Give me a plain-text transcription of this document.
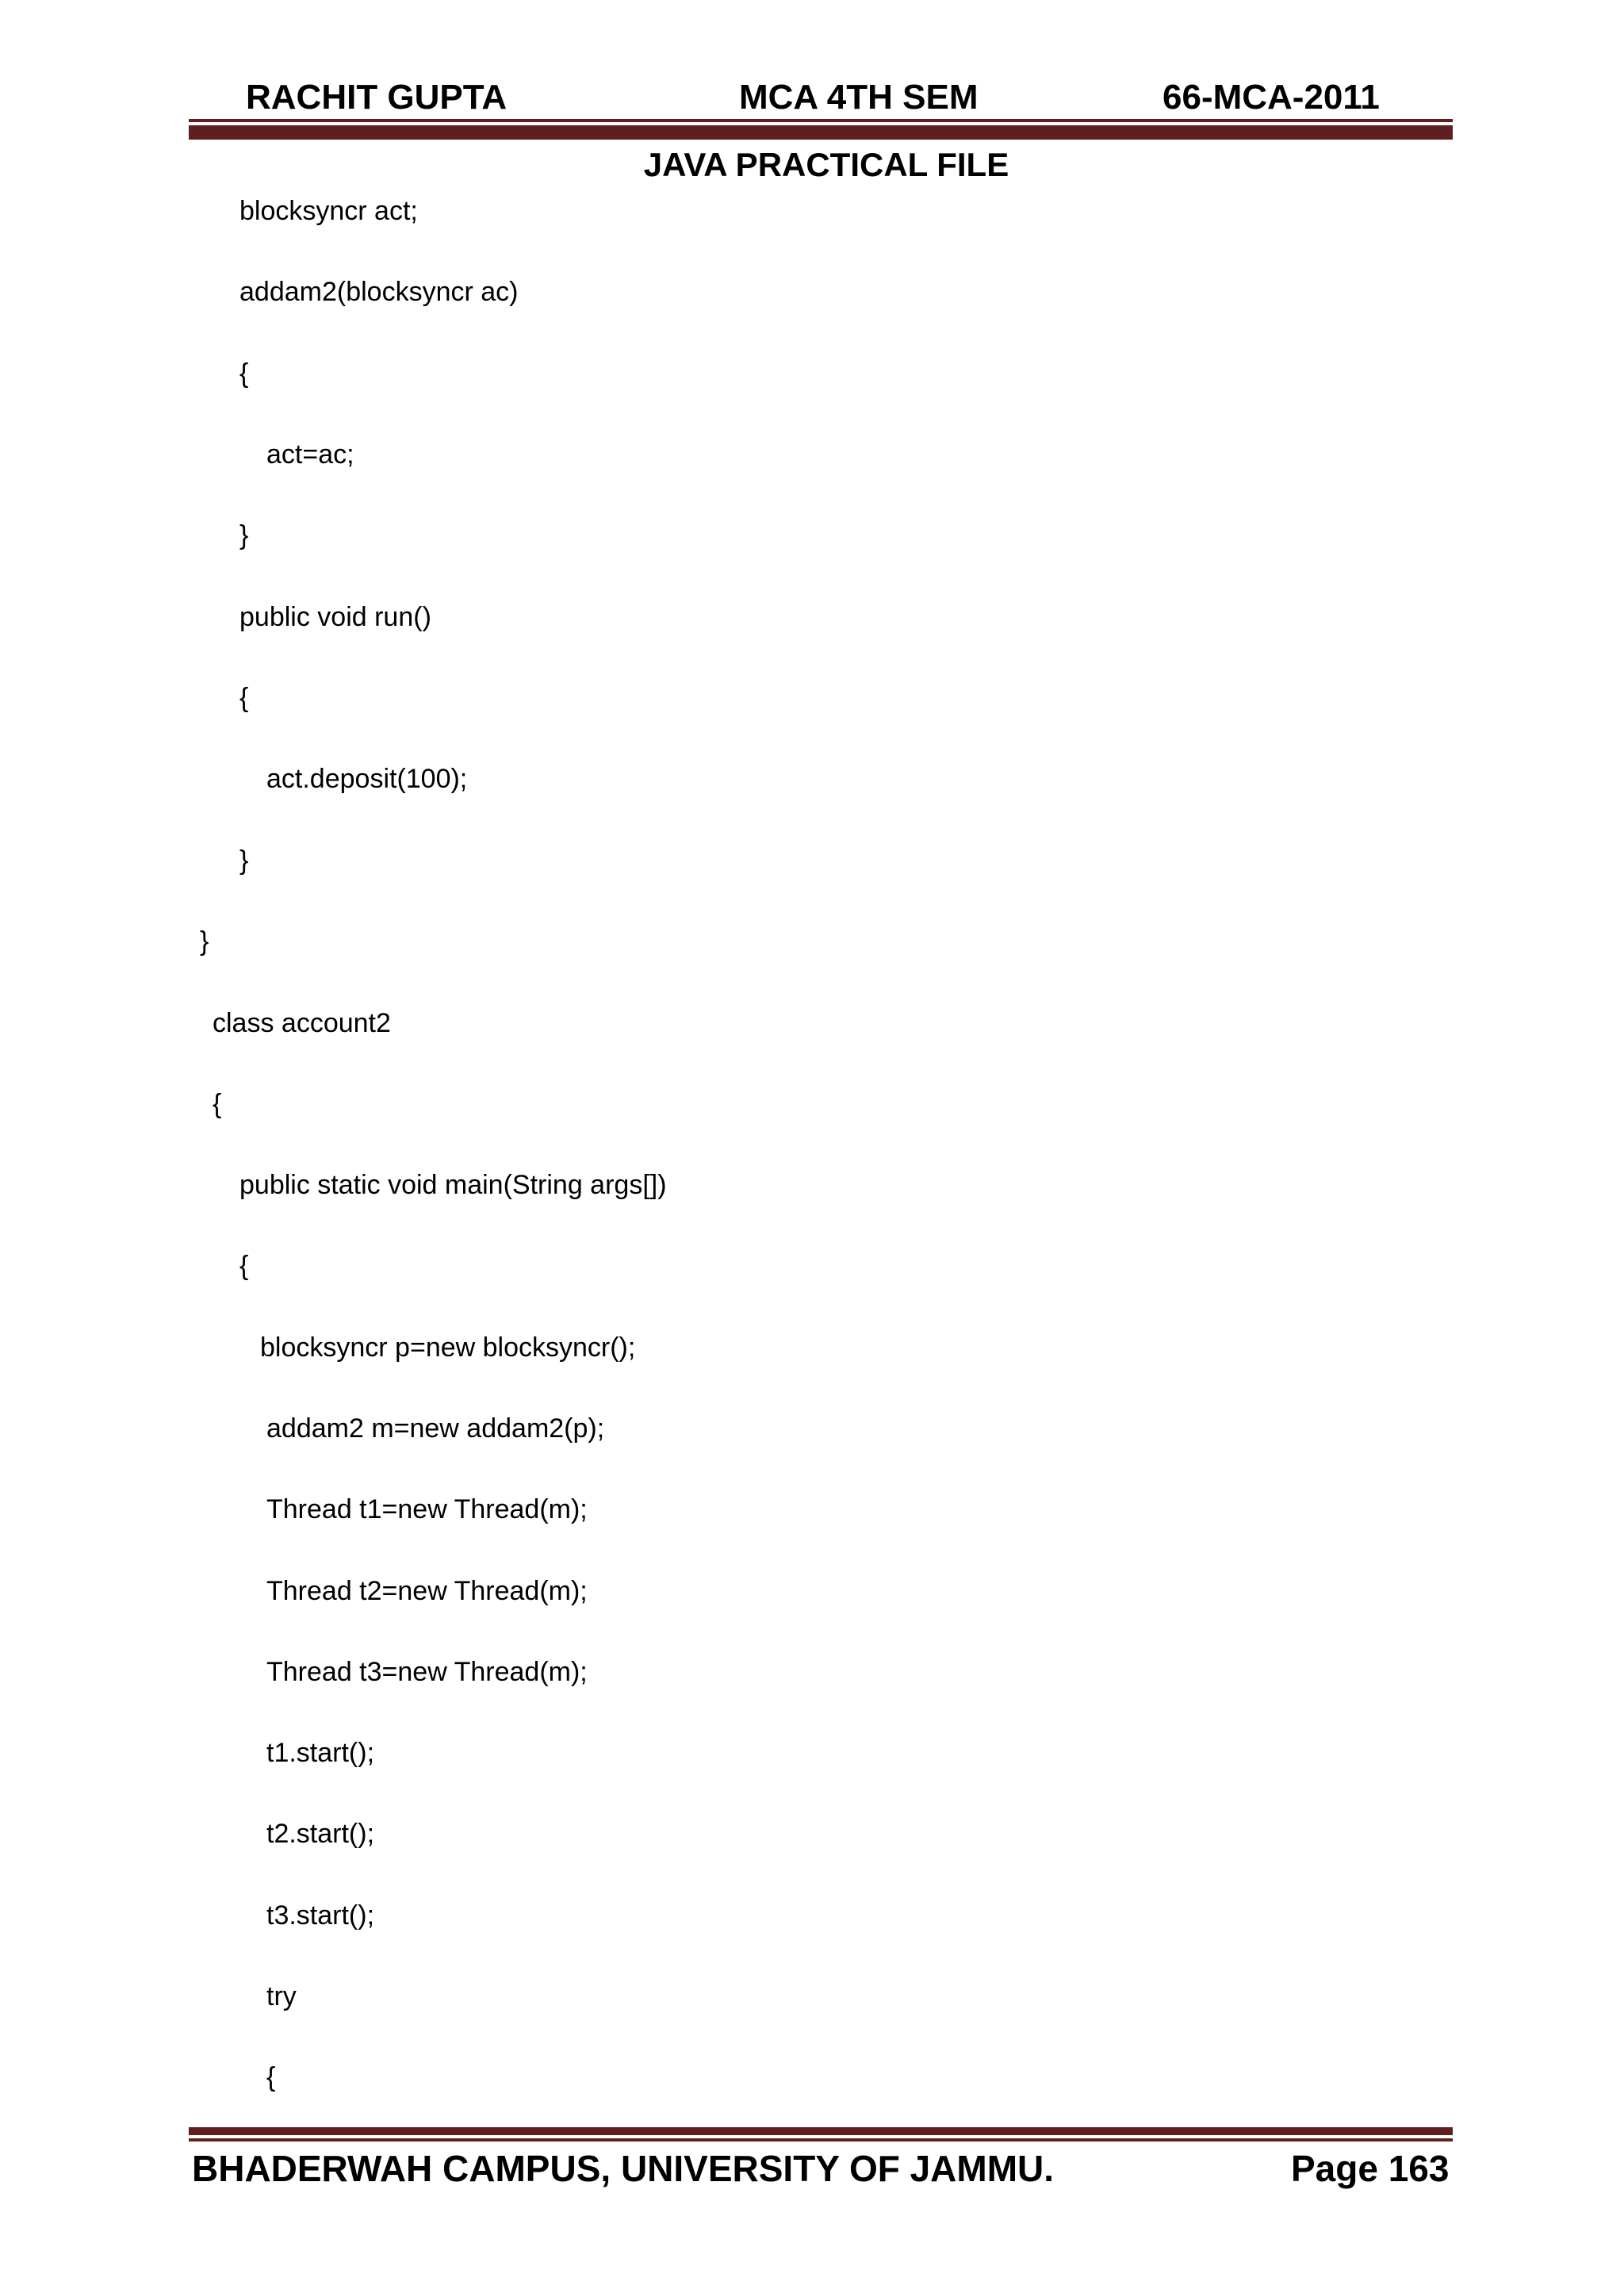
RACHIT GUPTA	MCA 4TH SEM	66-MCA-2011
JAVA PRACTICAL FILE
blocksyncr act;
addam2(blocksyncr ac)
{
act=ac;
}
public void run()
{
act.deposit(100);
}
}
class account2
{
public static void main(String args[])
{
blocksyncr p=new blocksyncr();
addam2 m=new addam2(p);
Thread t1=new Thread(m);
Thread t2=new Thread(m);
Thread t3=new Thread(m);
t1.start();
t2.start();
t3.start();
try
{
BHADERWAH CAMPUS, UNIVERSITY OF JAMMU.	Page 163
